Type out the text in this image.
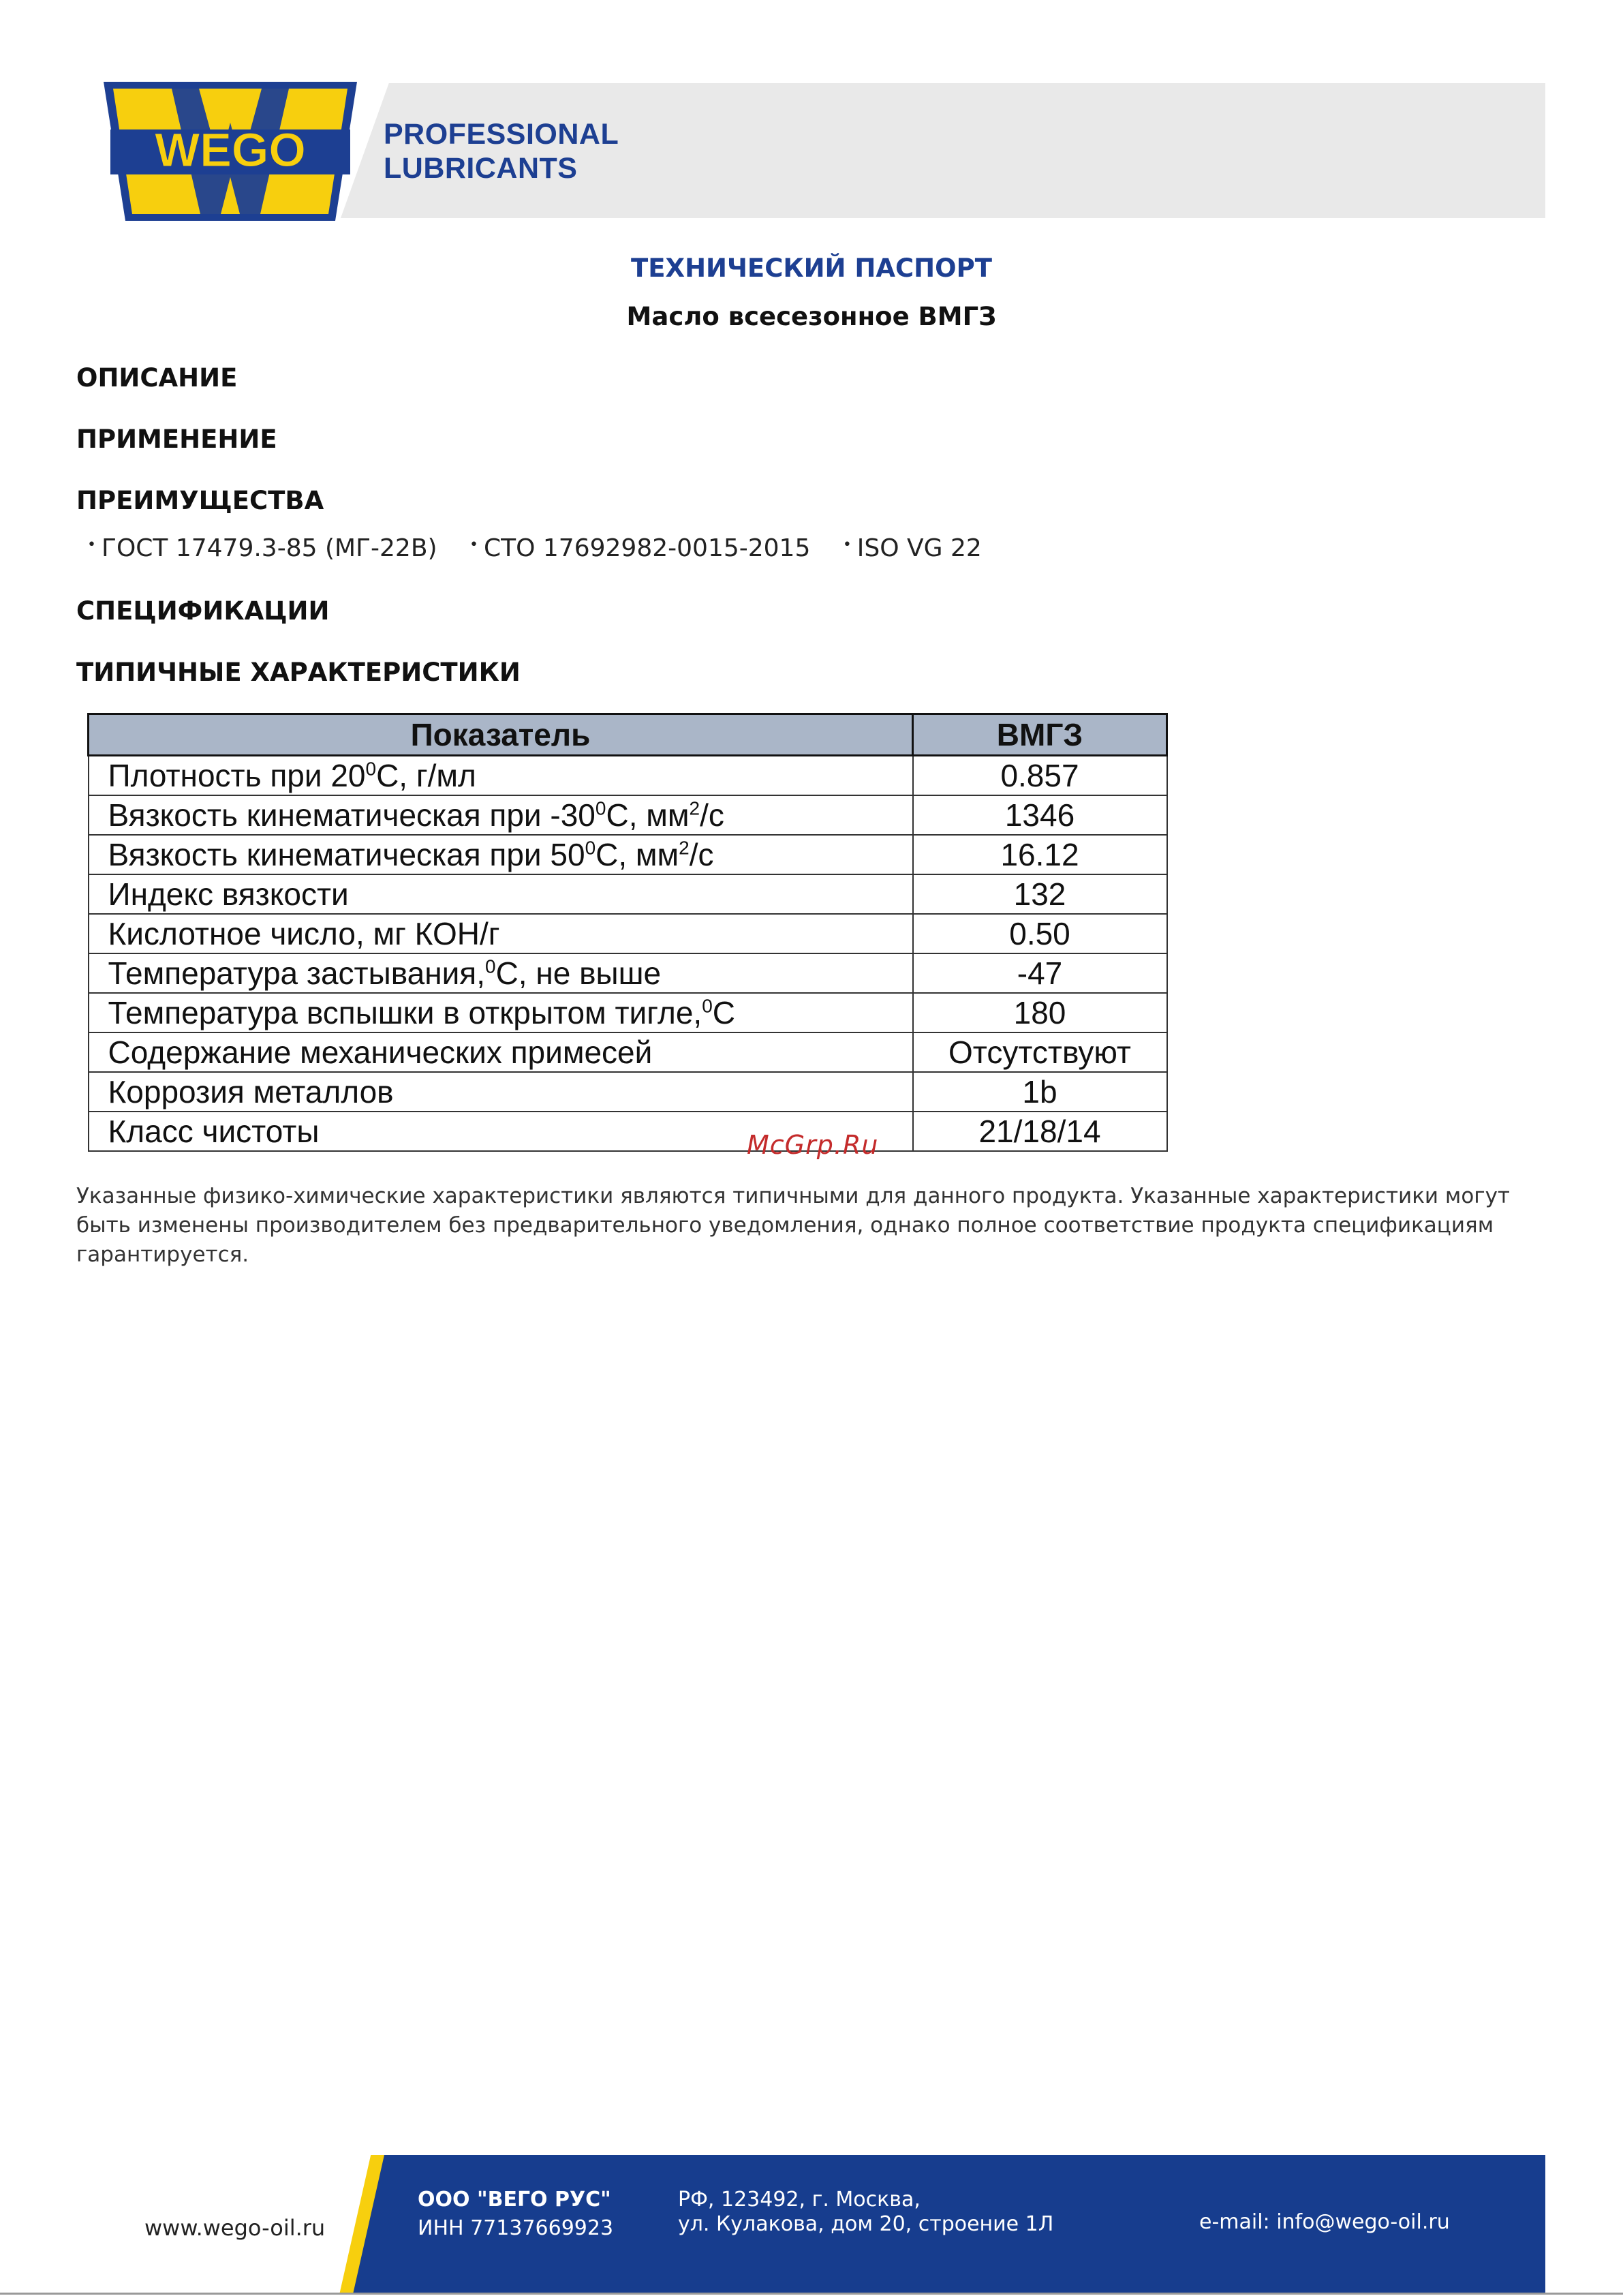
WEGO	PROFESSIONAL
LUBRICANTS
ТЕХНИЧЕСКИЙ ПАСПОРТ
Масло всесезонное ВМГЗ
ОПИСАНИЕ
ПРИМЕНЕНИЕ
ПРЕИМУЩЕСТВА
• ГОСТ 17479.3-85 (МГ-22В) • СТО 17692982-0015-2015 • ISO VG 22
СПЕЦИФИКАЦИИ
ТИПИЧНЫЕ ХАРАКТЕРИСТИКИ
Показатель	ВМГЗ
Плотность при $20^0С$, г/мл	0.857
Вязкость кинематическая при $-30^0С$, $мм^2/с$	1346
Вязкость кинематическая при $50^0С$, $мм^2/с$	16.12
Индекс вязкости	132
Кислотное число, мг КОН/г	0.50
Температура застывания,$^0$С, не выше	-47
Температура вспышки в открытом тигле,$^0$С	180
Содержание механических примесей	Отсутствуют
Коррозия металлов	1b
Класс чистоты	21/18/14
McGrp.Ru
Указанные физико-химические характеристики являются типичными для данного продукта. Указанные характеристики могут быть изменены производителем без предварительного уведомления, однако полное соответствие продукта спецификациям гарантируется.
www.wego-oil.ru
ООО "ВЕГО РУС"
ИНН 77137669923
РФ, 123492, г. Москва,
ул. Кулакова, дом 20, строение 1Л	e-mail: info@wego-oil.ru
